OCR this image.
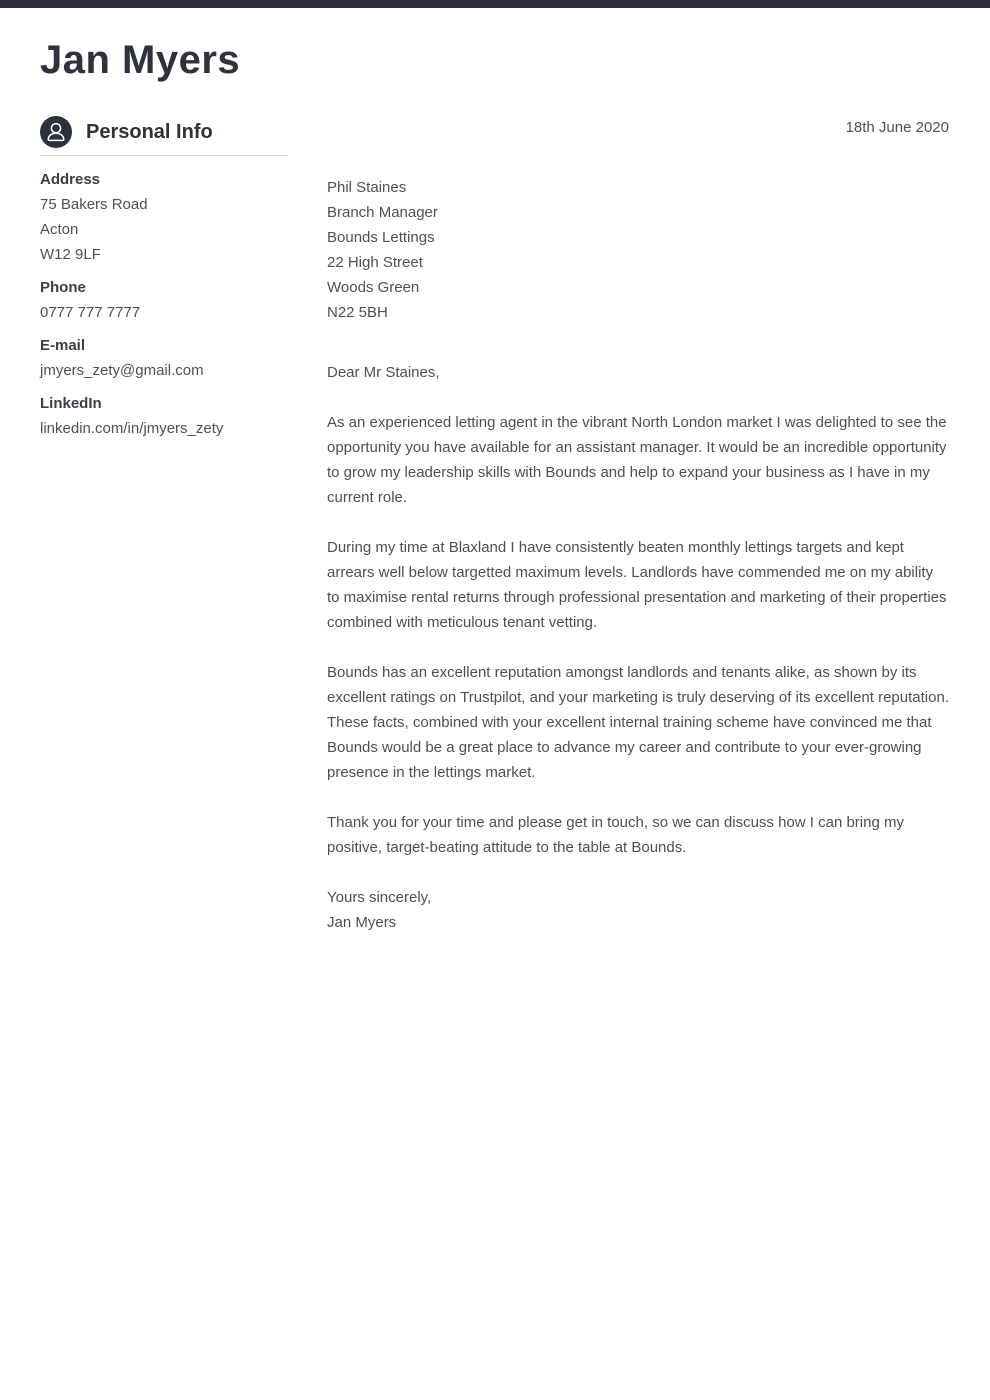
Jan Myers
Personal Info
Address
75 Bakers Road
Acton
W12 9LF
Phone
0777 777 7777
E-mail
jmyers_zety@gmail.com
LinkedIn
linkedin.com/in/jmyers_zety
18th June 2020
Phil Staines
Branch Manager
Bounds Lettings
22 High Street
Woods Green
N22 5BH
Dear Mr Staines,

As an experienced letting agent in the vibrant North London market I was delighted to see the opportunity you have available for an assistant manager. It would be an incredible opportunity to grow my leadership skills with Bounds and help to expand your business as I have in my current role.

During my time at Blaxland I have consistently beaten monthly lettings targets and kept arrears well below targetted maximum levels. Landlords have commended me on my ability to maximise rental returns through professional presentation and marketing of their properties combined with meticulous tenant vetting.

Bounds has an excellent reputation amongst landlords and tenants alike, as shown by its excellent ratings on Trustpilot, and your marketing is truly deserving of its excellent reputation. These facts, combined with your excellent internal training scheme have convinced me that Bounds would be a great place to advance my career and contribute to your ever-growing presence in the lettings market.

Thank you for your time and please get in touch, so we can discuss how I can bring my positive, target-beating attitude to the table at Bounds.

Yours sincerely,
Jan Myers
